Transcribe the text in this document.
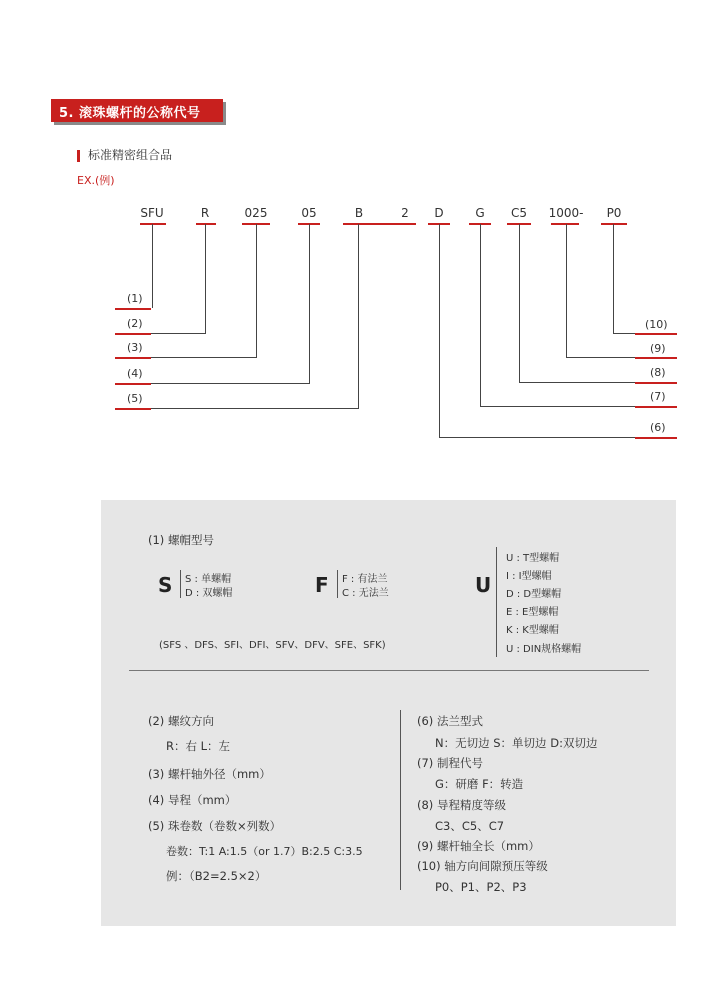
5. 滚珠螺杆的公称代号
标准精密组合品
EX.(例)
SFU	R	025	05	B	2 D	G C5 1000- P0
(1)
(2)
(3)
(4)
(5)
(10)
(9)
(8)
(7)
(6)
(1) 螺帽型号
S S : 单螺帽
D : 双螺帽	F F : 有法兰
C : 无法兰	U
U : T型螺帽
I : I型螺帽
D : D型螺帽
E : E型螺帽
K : K型螺帽
U : DIN规格螺帽
(SFS 、DFS、SFI、DFI、SFV、DFV、SFE、SFK)
(2) 螺纹方向
R：右 L：左
(3) 螺杆轴外径（mm）
(4) 导程（mm）
(5) 珠卷数（卷数×列数）
卷数：T:1 A:1.5（or 1.7）B:2.5 C:3.5
例：（B2=2.5×2）
(6) 法兰型式
N：无切边 S：单切边 D:双切边
(7) 制程代号
G：研磨 F：转造
(8) 导程精度等级
C3、C5、C7
(9) 螺杆轴全长（mm）
(10) 轴方向间隙预压等级
P0、P1、P2、P3
